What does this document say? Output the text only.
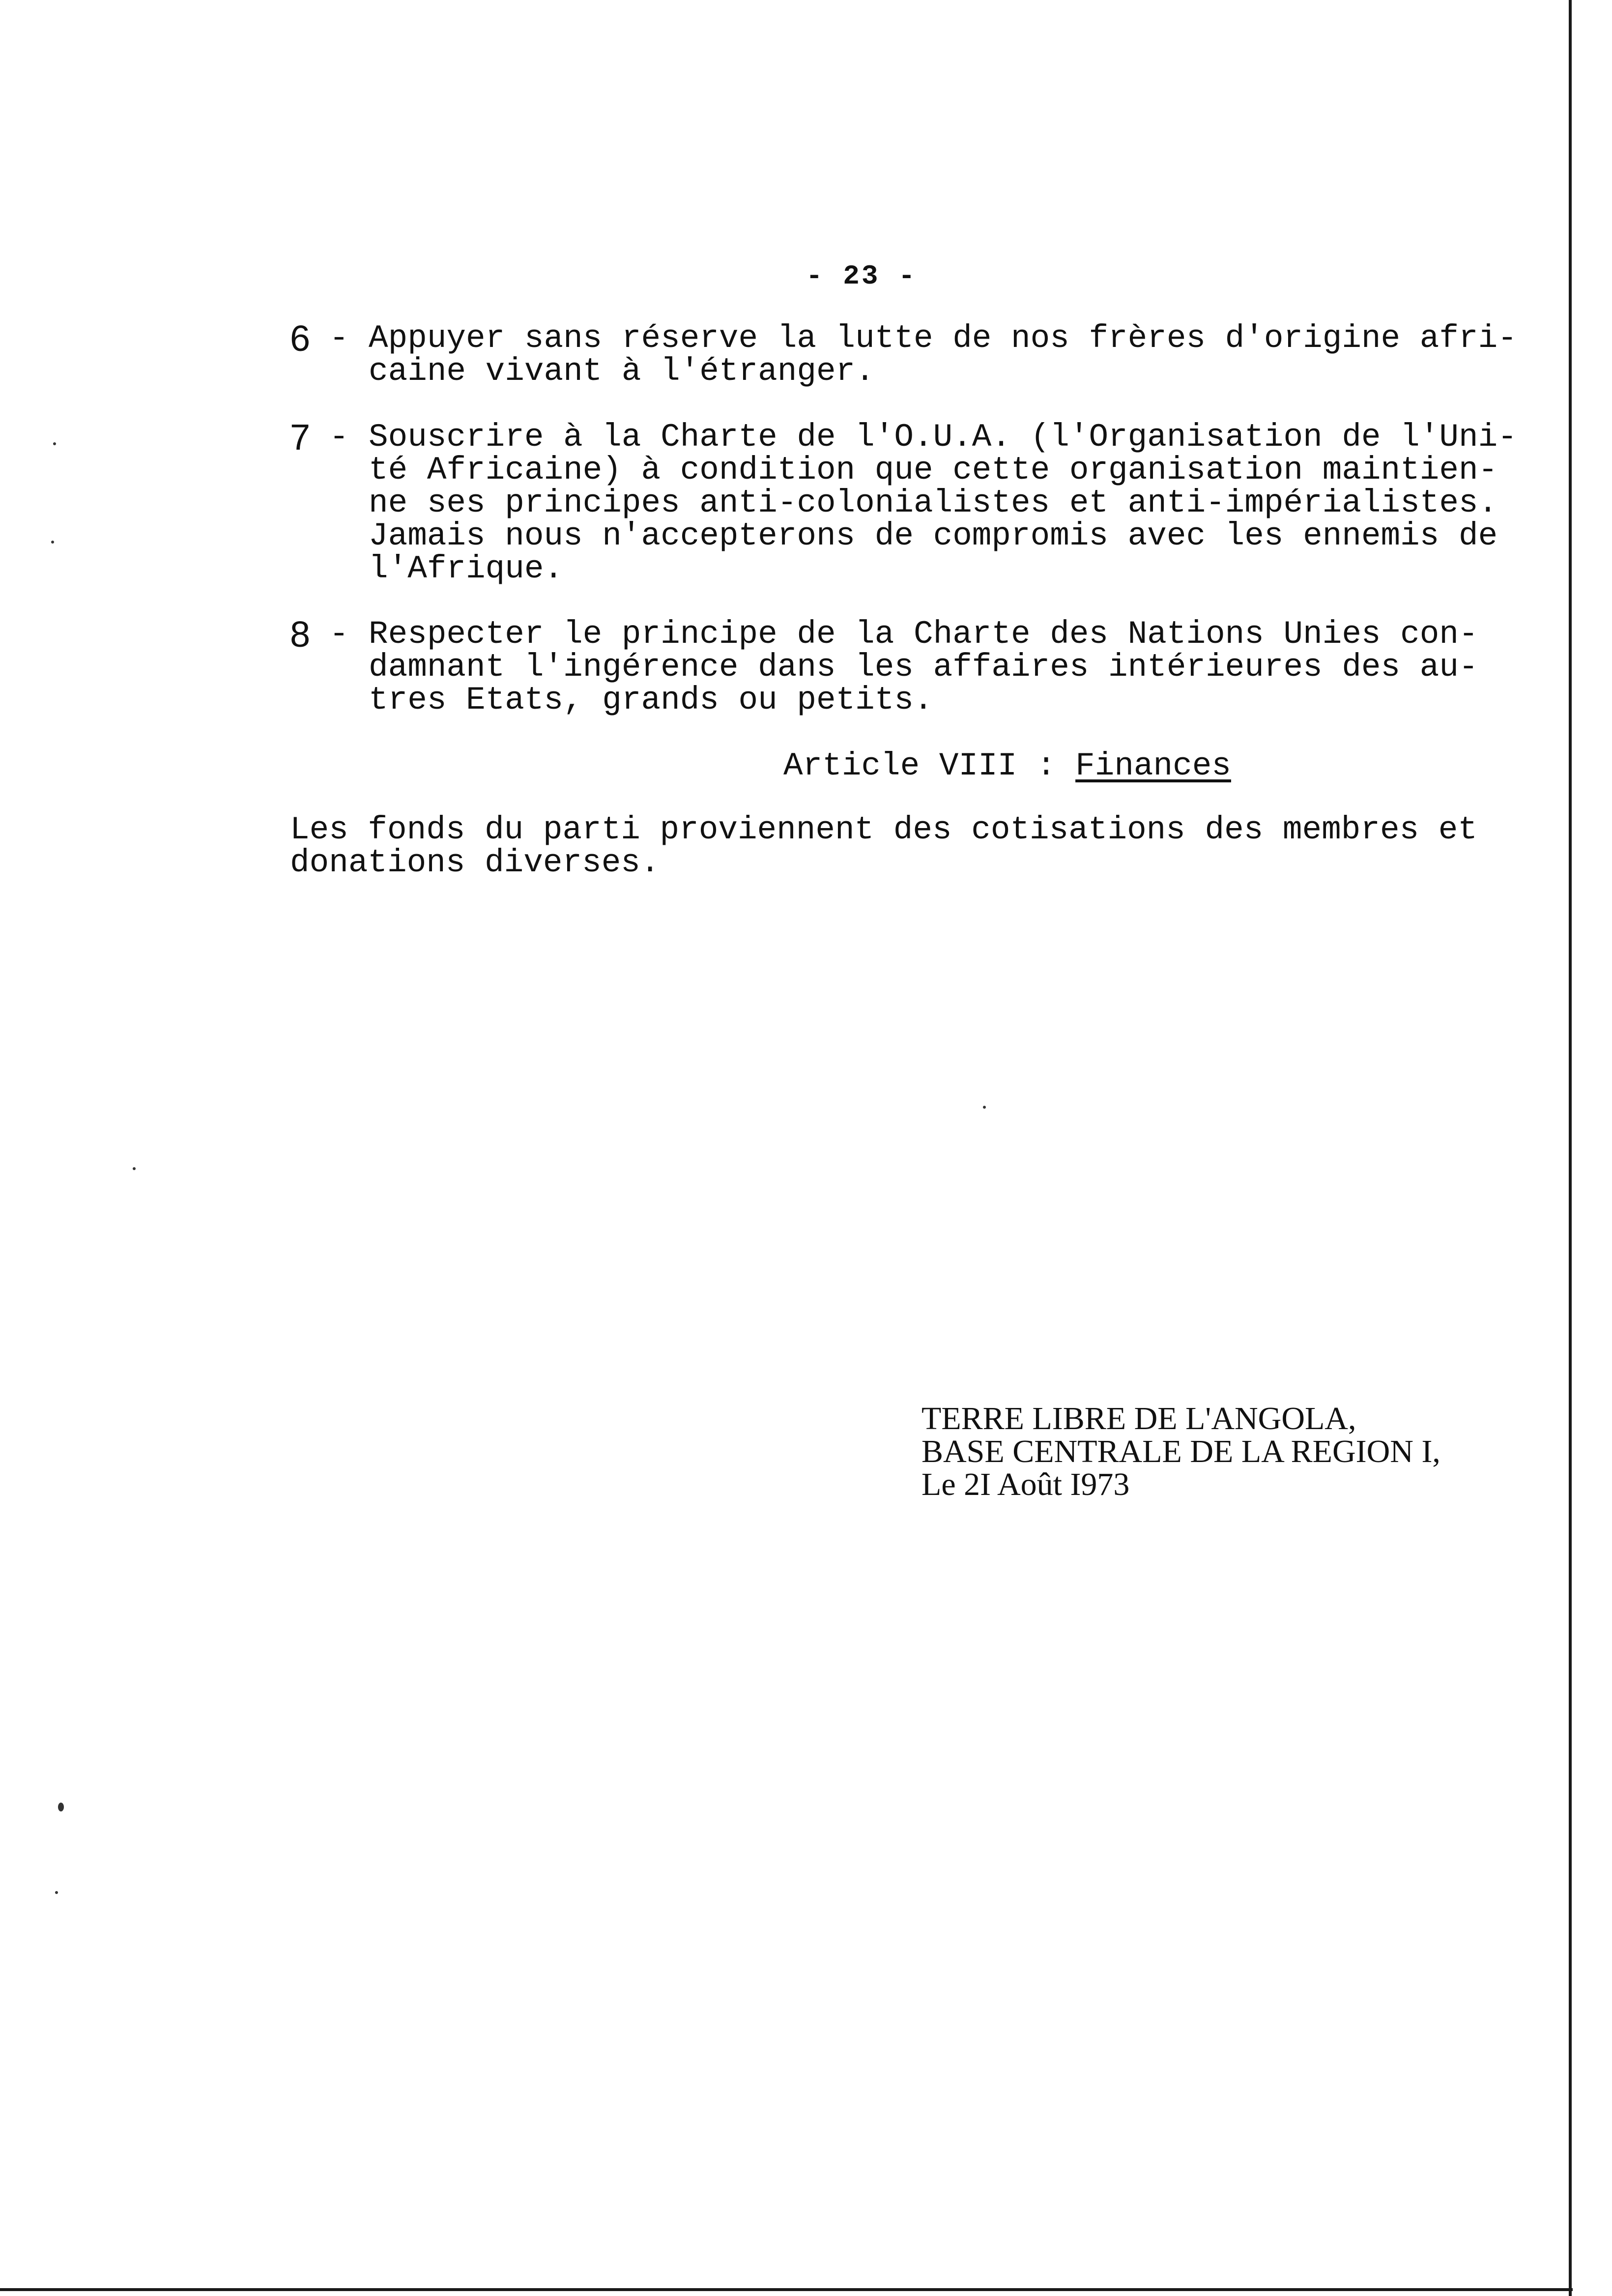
- 23 -
6 - Appuyer sans réserve la lutte de nos frères d'origine afri-
caine vivant à l'étranger.
7 - Souscrire à la Charte de l'O.U.A. (l'Organisation de l'Uni-
té Africaine) à condition que cette organisation maintien-
ne ses principes anti-colonialistes et anti-impérialistes.
Jamais nous n'accepterons de compromis avec les ennemis de
l'Afrique.
8 - Respecter le principe de la Charte des Nations Unies con-
damnant l'ingérence dans les affaires intérieures des au-
tres Etats, grands ou petits.
Article VIII : Finances
Les fonds du parti proviennent des cotisations des membres et
donations diverses.
TERRE LIBRE DE L'ANGOLA,
BASE CENTRALE DE LA REGION I,
Le 2I Août I973
